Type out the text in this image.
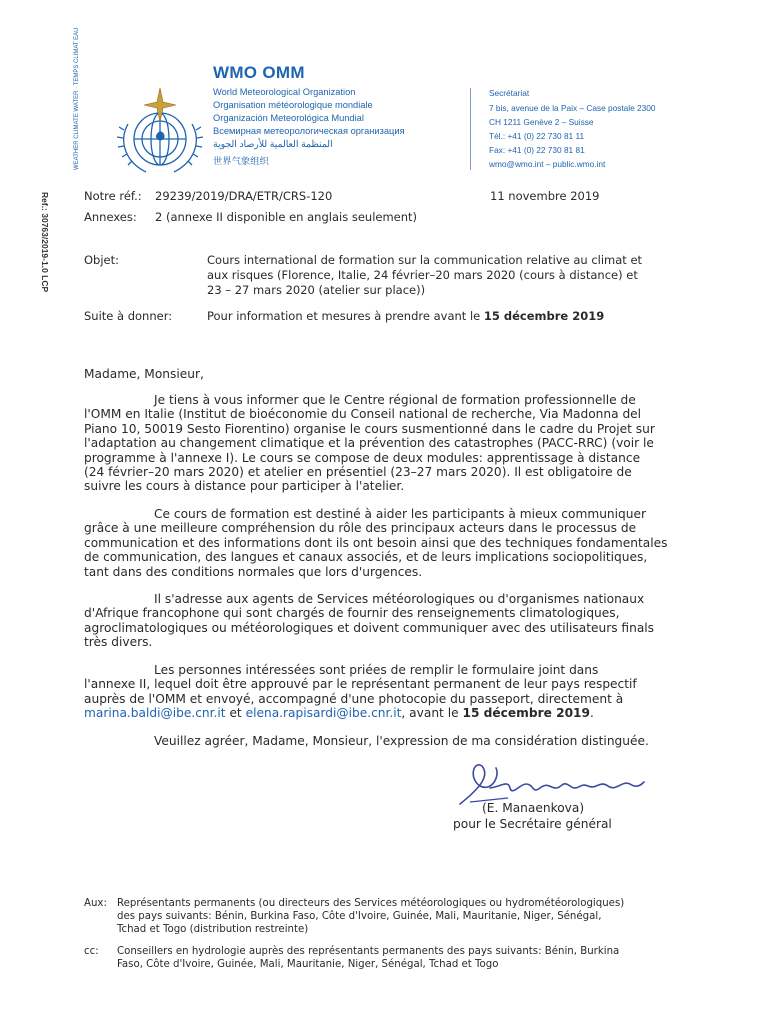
WEATHER CLIMATE WATER · TEMPS CLIMAT EAU	WMO OMM
World Meteorological Organization
Organisation météorologique mondiale
Organización Meteorológica Mundial
Всемирная метеорологическая организация
المنظمة العالمية للأرصاد الجوية
世界气象组织
Secrétariat
7 bis, avenue de la Paix – Case postale 2300
CH 1211 Genève 2 – Suisse
Tél.: +41 (0) 22 730 81 11
Fax: +41 (0) 22 730 81 81
wmo@wmo.int – public.wmo.int
Ref.: 30763/2019-1.0 LCP	Notre réf.: 29239/2019/DRA/ETR/CRS-120	11 novembre 2019
Annexes: 2 (annexe II disponible en anglais seulement)
Objet:	Cours international de formation sur la communication relative au climat et
aux risques (Florence, Italie, 24 février–20 mars 2020 (cours à distance) et
23 – 27 mars 2020 (atelier sur place))
Suite à donner:	Pour information et mesures à prendre avant le 15 décembre 2019
Madame, Monsieur,
Je tiens à vous informer que le Centre régional de formation professionnelle de
l'OMM en Italie (Institut de bioéconomie du Conseil national de recherche, Via Madonna del
Piano 10, 50019 Sesto Fiorentino) organise le cours susmentionné dans le cadre du Projet sur
l'adaptation au changement climatique et la prévention des catastrophes (PACC-RRC) (voir le
programme à l'annexe I). Le cours se compose de deux modules: apprentissage à distance
(24 février–20 mars 2020) et atelier en présentiel (23–27 mars 2020). Il est obligatoire de
suivre les cours à distance pour participer à l'atelier.
Ce cours de formation est destiné à aider les participants à mieux communiquer
grâce à une meilleure compréhension du rôle des principaux acteurs dans le processus de
communication et des informations dont ils ont besoin ainsi que des techniques fondamentales
de communication, des langues et canaux associés, et de leurs implications sociopolitiques,
tant dans des conditions normales que lors d'urgences.
Il s'adresse aux agents de Services météorologiques ou d'organismes nationaux
d'Afrique francophone qui sont chargés de fournir des renseignements climatologiques,
agroclimatologiques ou météorologiques et doivent communiquer avec des utilisateurs finals
très divers.
Les personnes intéressées sont priées de remplir le formulaire joint dans
l'annexe II, lequel doit être approuvé par le représentant permanent de leur pays respectif
auprès de l'OMM et envoyé, accompagné d'une photocopie du passeport, directement à
marina.baldi@ibe.cnr.it et elena.rapisardi@ibe.cnr.it, avant le 15 décembre 2019.
Veuillez agréer, Madame, Monsieur, l'expression de ma considération distinguée.
(E. Manaenkova)
pour le Secrétaire général
Aux: Représentants permanents (ou directeurs des Services météorologiques ou hydrométéorologiques)
des pays suivants: Bénin, Burkina Faso, Côte d'Ivoire, Guinée, Mali, Mauritanie, Niger, Sénégal,
Tchad et Togo (distribution restreinte)
cc: Conseillers en hydrologie auprès des représentants permanents des pays suivants: Bénin, Burkina
Faso, Côte d'Ivoire, Guinée, Mali, Mauritanie, Niger, Sénégal, Tchad et Togo
